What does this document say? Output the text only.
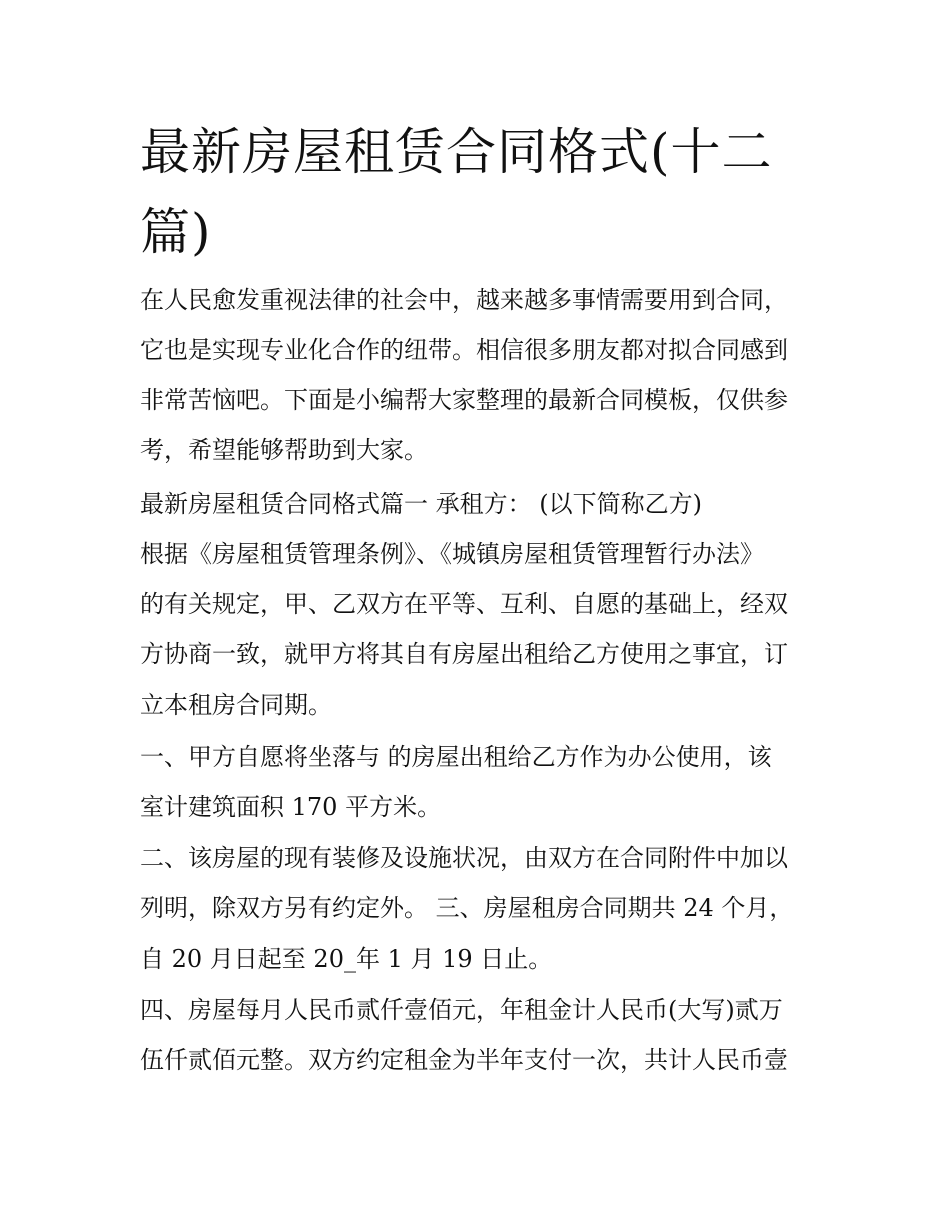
最新房屋租赁合同格式(十二
篇)
在人民愈发重视法律的社会中，越来越多事情需要用到合同，
它也是实现专业化合作的纽带。相信很多朋友都对拟合同感到
非常苦恼吧。下面是小编帮大家整理的最新合同模板，仅供参
考，希望能够帮助到大家。
最新房屋租赁合同格式篇一 承租方： (以下简称乙方)
根据《房屋租赁管理条例》、《城镇房屋租赁管理暂行办法》
的有关规定，甲、乙双方在平等、互利、自愿的基础上，经双
方协商一致，就甲方将其自有房屋出租给乙方使用之事宜，订
立本租房合同期。
一、甲方自愿将坐落与 的房屋出租给乙方作为办公使用，该
室计建筑面积 170 平方米。
二、该房屋的现有装修及设施状况，由双方在合同附件中加以
列明，除双方另有约定外。 三、房屋租房合同期共 24 个月，
自 20 月日起至 20_年 1 月 19 日止。
四、房屋每月人民币贰仟壹佰元，年租金计人民币(大写)贰万
伍仟贰佰元整。双方约定租金为半年支付一次，共计人民币壹
